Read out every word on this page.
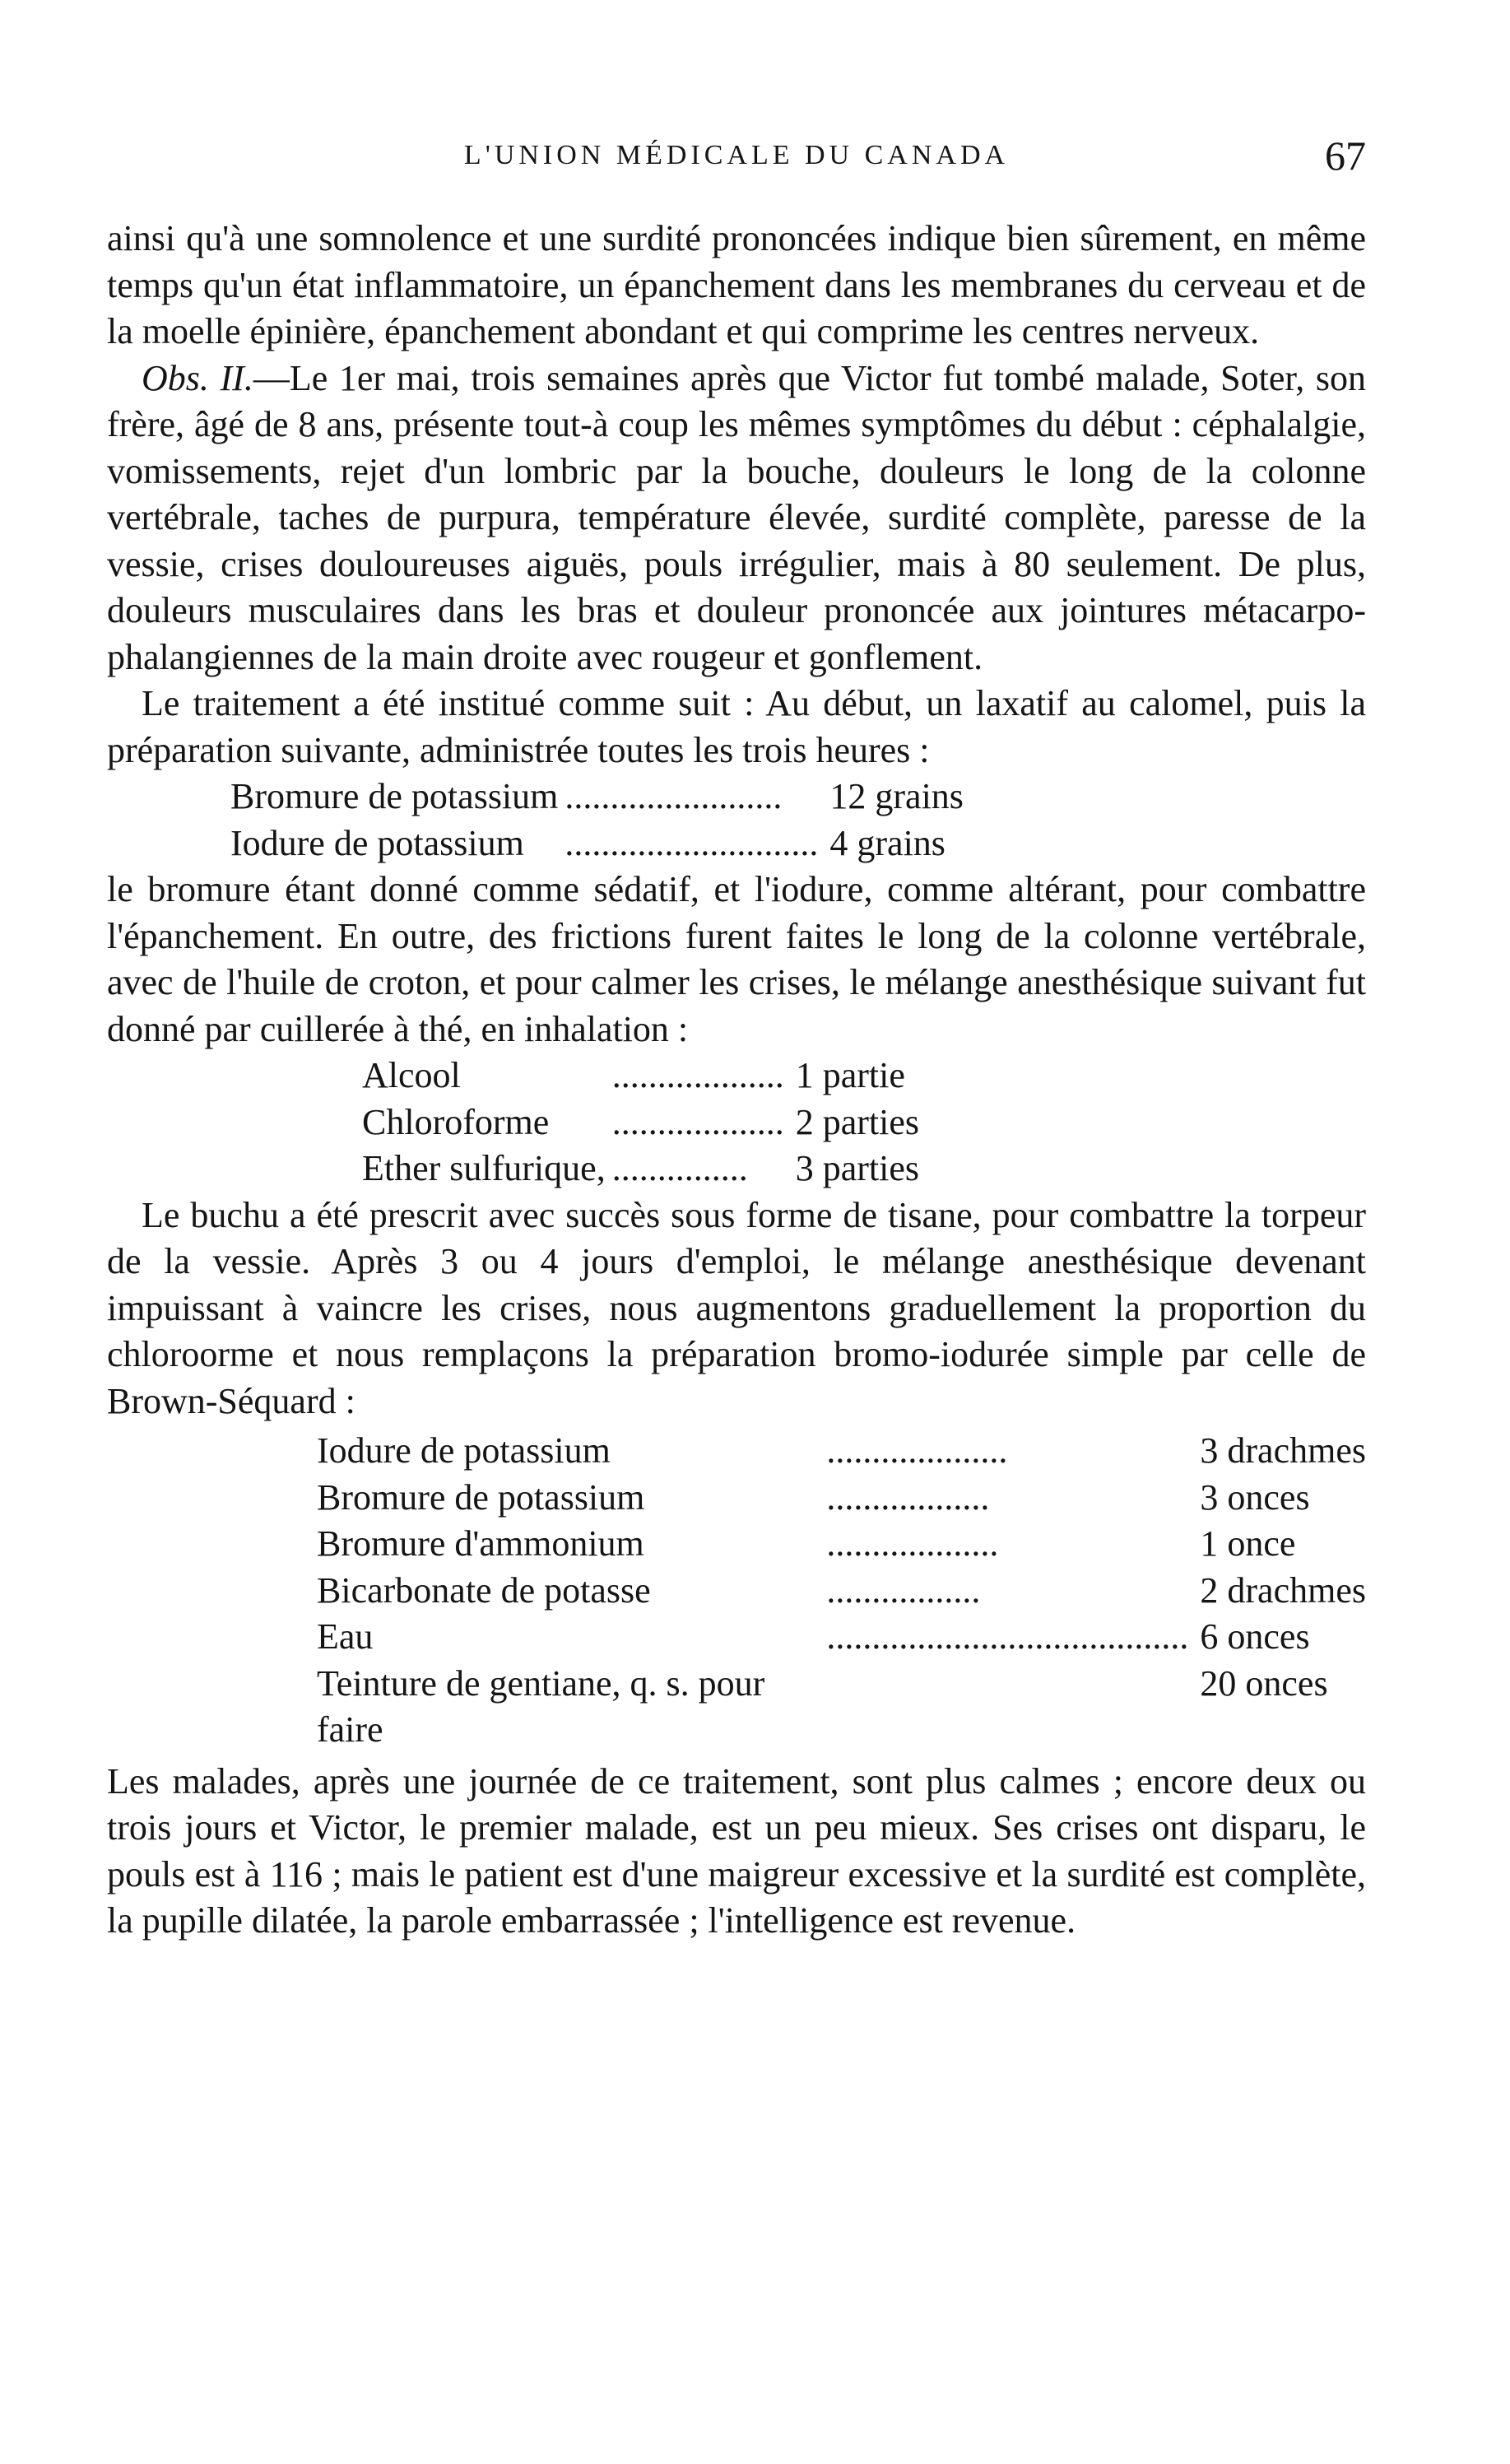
L'UNION MÉDICALE DU CANADA	67

ainsi qu'à une somnolence et une surdité prononcées indique bien sûrement, en même temps qu'un état inflammatoire, un épanchement dans les membranes du cerveau et de la moelle épinière, épanchement abondant et qui comprime les centres nerveux.

Obs. II.—Le 1er mai, trois semaines après que Victor fut tombé malade, Soter, son frère, âgé de 8 ans, présente tout-à coup les mêmes symptômes du début : céphalalgie, vomissements, rejet d'un lombric par la bouche, douleurs le long de la colonne vertébrale, taches de purpura, température élevée, surdité complète, paresse de la vessie, crises douloureuses aiguës, pouls irrégulier, mais à 80 seulement. De plus, douleurs musculaires dans les bras et douleur prononcée aux jointures métacarpo-phalangiennes de la main droite avec rougeur et gonflement.

Le traitement a été institué comme suit : Au début, un laxatif au calomel, puis la préparation suivante, administrée toutes les trois heures :

Bromure de potassium	........................	12 grains
Iodure de potassium	............................	4 grains

le bromure étant donné comme sédatif, et l'iodure, comme altérant, pour combattre l'épanchement. En outre, des frictions furent faites le long de la colonne vertébrale, avec de l'huile de croton, et pour calmer les crises, le mélange anesthésique suivant fut donné par cuillerée à thé, en inhalation :

Alcool	...................	1 partie
Chloroforme	...................	2 parties
Ether sulfurique,	...............	3 parties

Le buchu a été prescrit avec succès sous forme de tisane, pour combattre la torpeur de la vessie. Après 3 ou 4 jours d'emploi, le mélange anesthésique devenant impuissant à vaincre les crises, nous augmentons graduellement la proportion du chloroorme et nous remplaçons la préparation bromo-iodurée simple par celle de Brown-Séquard :

Iodure de potassium	....................	3 drachmes
Bromure de potassium	..................	3 onces
Bromure d'ammonium	...................	1 once
Bicarbonate de potasse	.................	2 drachmes
Eau	........................................	6 onces
Teinture de gentiane, q. s. pour faire		20 onces

Les malades, après une journée de ce traitement, sont plus calmes ; encore deux ou trois jours et Victor, le premier malade, est un peu mieux. Ses crises ont disparu, le pouls est à 116 ; mais le patient est d'une maigreur excessive et la surdité est complète, la pupille dilatée, la parole embarrassée ; l'intelligence est revenue.
